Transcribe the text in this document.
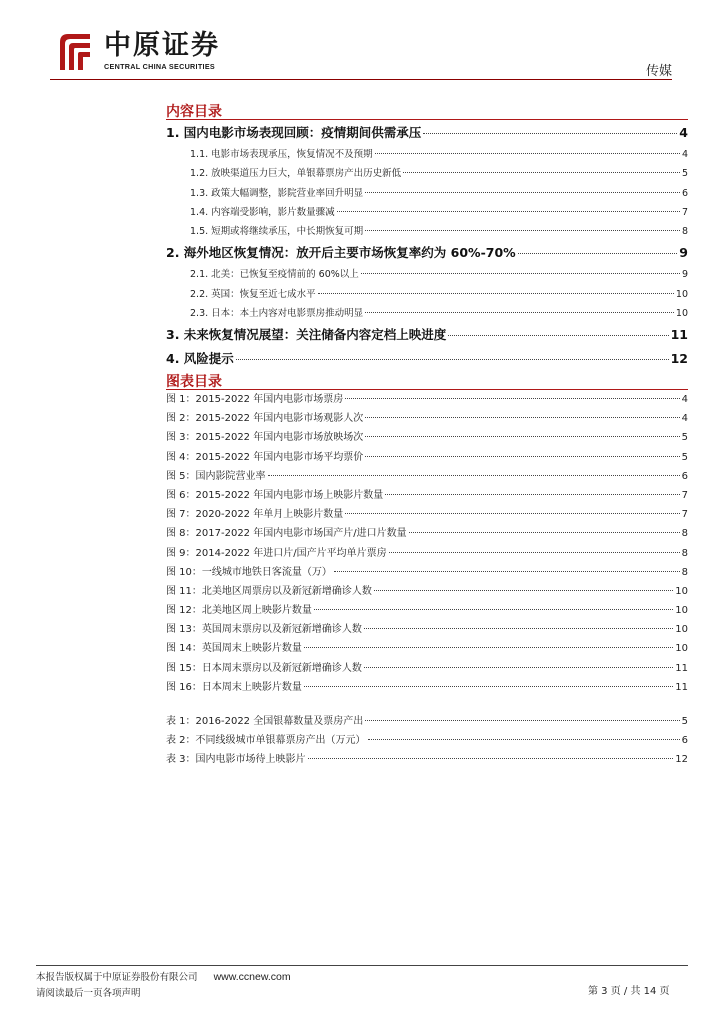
中原证券
CENTRAL CHINA SECURITIES	传媒
内容目录
1. 国内电影市场表现回顾：疫情期间供需承压	4
1.1. 电影市场表现承压，恢复情况不及预期	4
1.2. 放映渠道压力巨大，单银幕票房产出历史新低	5
1.3. 政策大幅调整，影院营业率回升明显	6
1.4. 内容端受影响，影片数量骤减	7
1.5. 短期或将继续承压，中长期恢复可期	8
2. 海外地区恢复情况：放开后主要市场恢复率约为 60%-70%	9
2.1. 北美：已恢复至疫情前的 60%以上	9
2.2. 英国：恢复至近七成水平	10
2.3. 日本：本土内容对电影票房推动明显	10
3. 未来恢复情况展望：关注储备内容定档上映进度	11
4. 风险提示	12
图表目录
图 1：2015-2022 年国内电影市场票房	4
图 2：2015-2022 年国内电影市场观影人次	4
图 3：2015-2022 年国内电影市场放映场次	5
图 4：2015-2022 年国内电影市场平均票价	5
图 5：国内影院营业率	6
图 6：2015-2022 年国内电影市场上映影片数量	7
图 7：2020-2022 年单月上映影片数量	7
图 8：2017-2022 年国内电影市场国产片/进口片数量	8
图 9：2014-2022 年进口片/国产片平均单片票房	8
图 10：一线城市地铁日客流量（万）	8
图 11：北美地区周票房以及新冠新增确诊人数	10
图 12：北美地区周上映影片数量	10
图 13：英国周末票房以及新冠新增确诊人数	10
图 14：英国周末上映影片数量	10
图 15：日本周末票房以及新冠新增确诊人数	11
图 16：日本周末上映影片数量	11
表 1：2016-2022 全国银幕数量及票房产出	5
表 2：不同线级城市单银幕票房产出（万元）	6
表 3：国内电影市场待上映影片	12
本报告版权属于中原证券股份有限公司 www.ccnew.com
请阅读最后一页各项声明	第 3 页 / 共 14 页
